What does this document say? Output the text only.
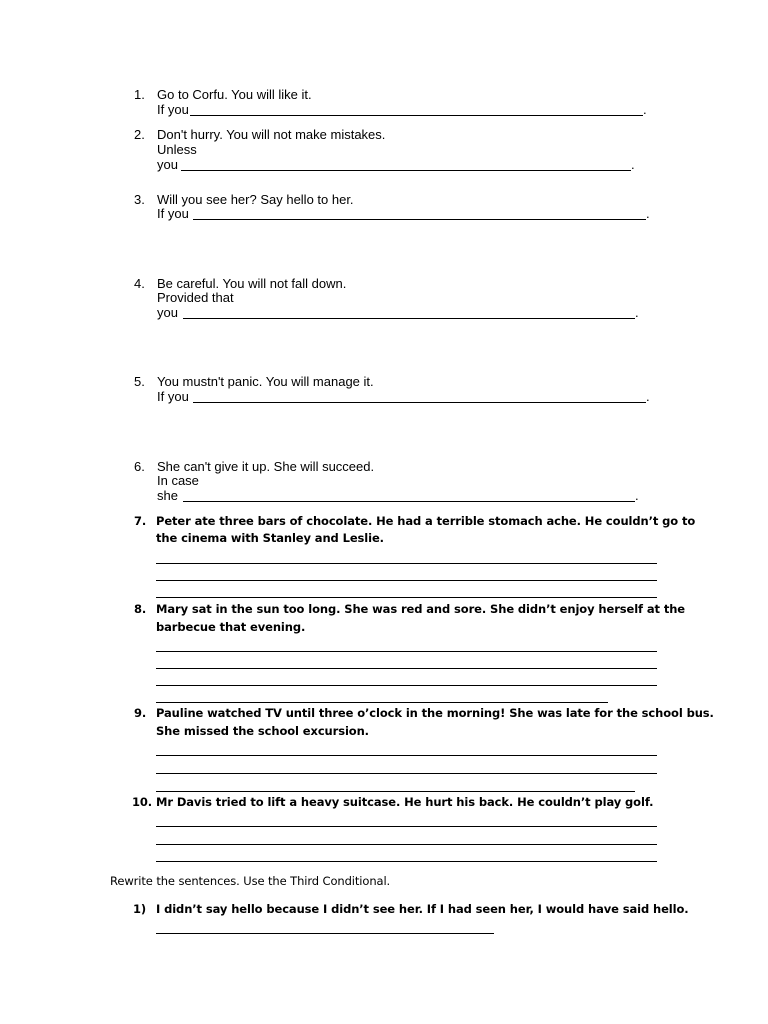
1. Go to Corfu. You will like it.
If you	.
2. Don't hurry. You will not make mistakes.
Unless
you	.
3. Will you see her? Say hello to her.
If you	.
4. Be careful. You will not fall down.
Provided that
you	.
5. You mustn't panic. You will manage it.
If you	.
6. She can't give it up. She will succeed.
In case
she	.
7. Peter ate three bars of chocolate. He had a terrible stomach ache. He couldn’t go to
the cinema with Stanley and Leslie.
8. Mary sat in the sun too long. She was red and sore. She didn’t enjoy herself at the
barbecue that evening.
9. Pauline watched TV until three o’clock in the morning! She was late for the school bus.
She missed the school excursion.
10. Mr Davis tried to lift a heavy suitcase. He hurt his back. He couldn’t play golf.
Rewrite the sentences. Use the Third Conditional.
1) I didn’t say hello because I didn’t see her. If I had seen her, I would have said hello.
